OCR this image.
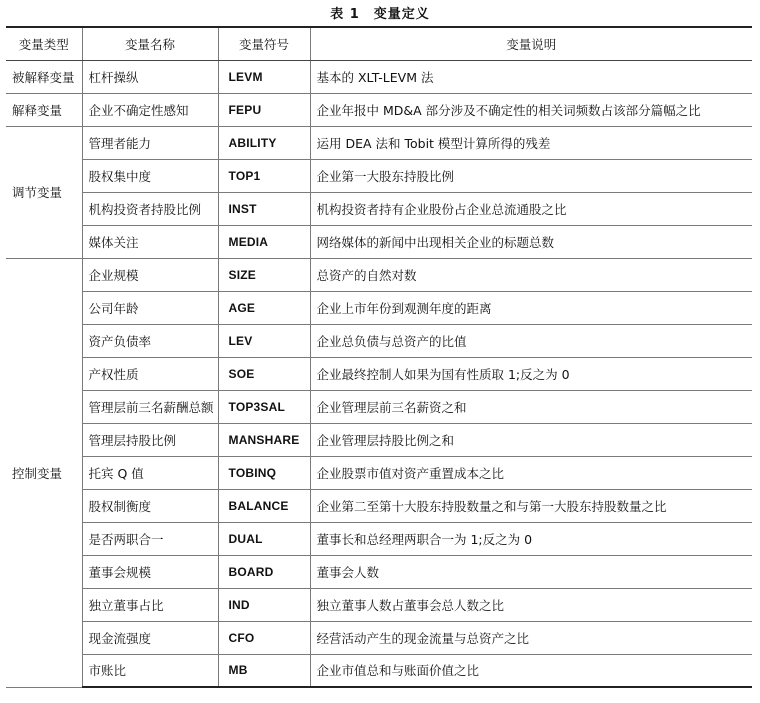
表 1 变量定义
变量类型	变量名称	变量符号	变量说明
被解释变量	杠杆操纵	LEVM	基本的 XLT-LEVM 法
解释变量	企业不确定性感知	FEPU	企业年报中 MD&A 部分涉及不确定性的相关词频数占该部分篇幅之比
调节变量	管理者能力	ABILITY	运用 DEA 法和 Tobit 模型计算所得的残差
	股权集中度	TOP1	企业第一大股东持股比例
	机构投资者持股比例	INST	机构投资者持有企业股份占企业总流通股之比
	媒体关注	MEDIA	网络媒体的新闻中出现相关企业的标题总数
控制变量	企业规模	SIZE	总资产的自然对数
	公司年龄	AGE	企业上市年份到观测年度的距离
	资产负债率	LEV	企业总负债与总资产的比值
	产权性质	SOE	企业最终控制人如果为国有性质取 1;反之为 0
	管理层前三名薪酬总额	TOP3SAL	企业管理层前三名薪资之和
	管理层持股比例	MANSHARE	企业管理层持股比例之和
	托宾 Q 值	TOBINQ	企业股票市值对资产重置成本之比
	股权制衡度	BALANCE	企业第二至第十大股东持股数量之和与第一大股东持股数量之比
	是否两职合一	DUAL	董事长和总经理两职合一为 1;反之为 0
	董事会规模	BOARD	董事会人数
	独立董事占比	IND	独立董事人数占董事会总人数之比
	现金流强度	CFO	经营活动产生的现金流量与总资产之比
	市账比	MB	企业市值总和与账面价值之比
